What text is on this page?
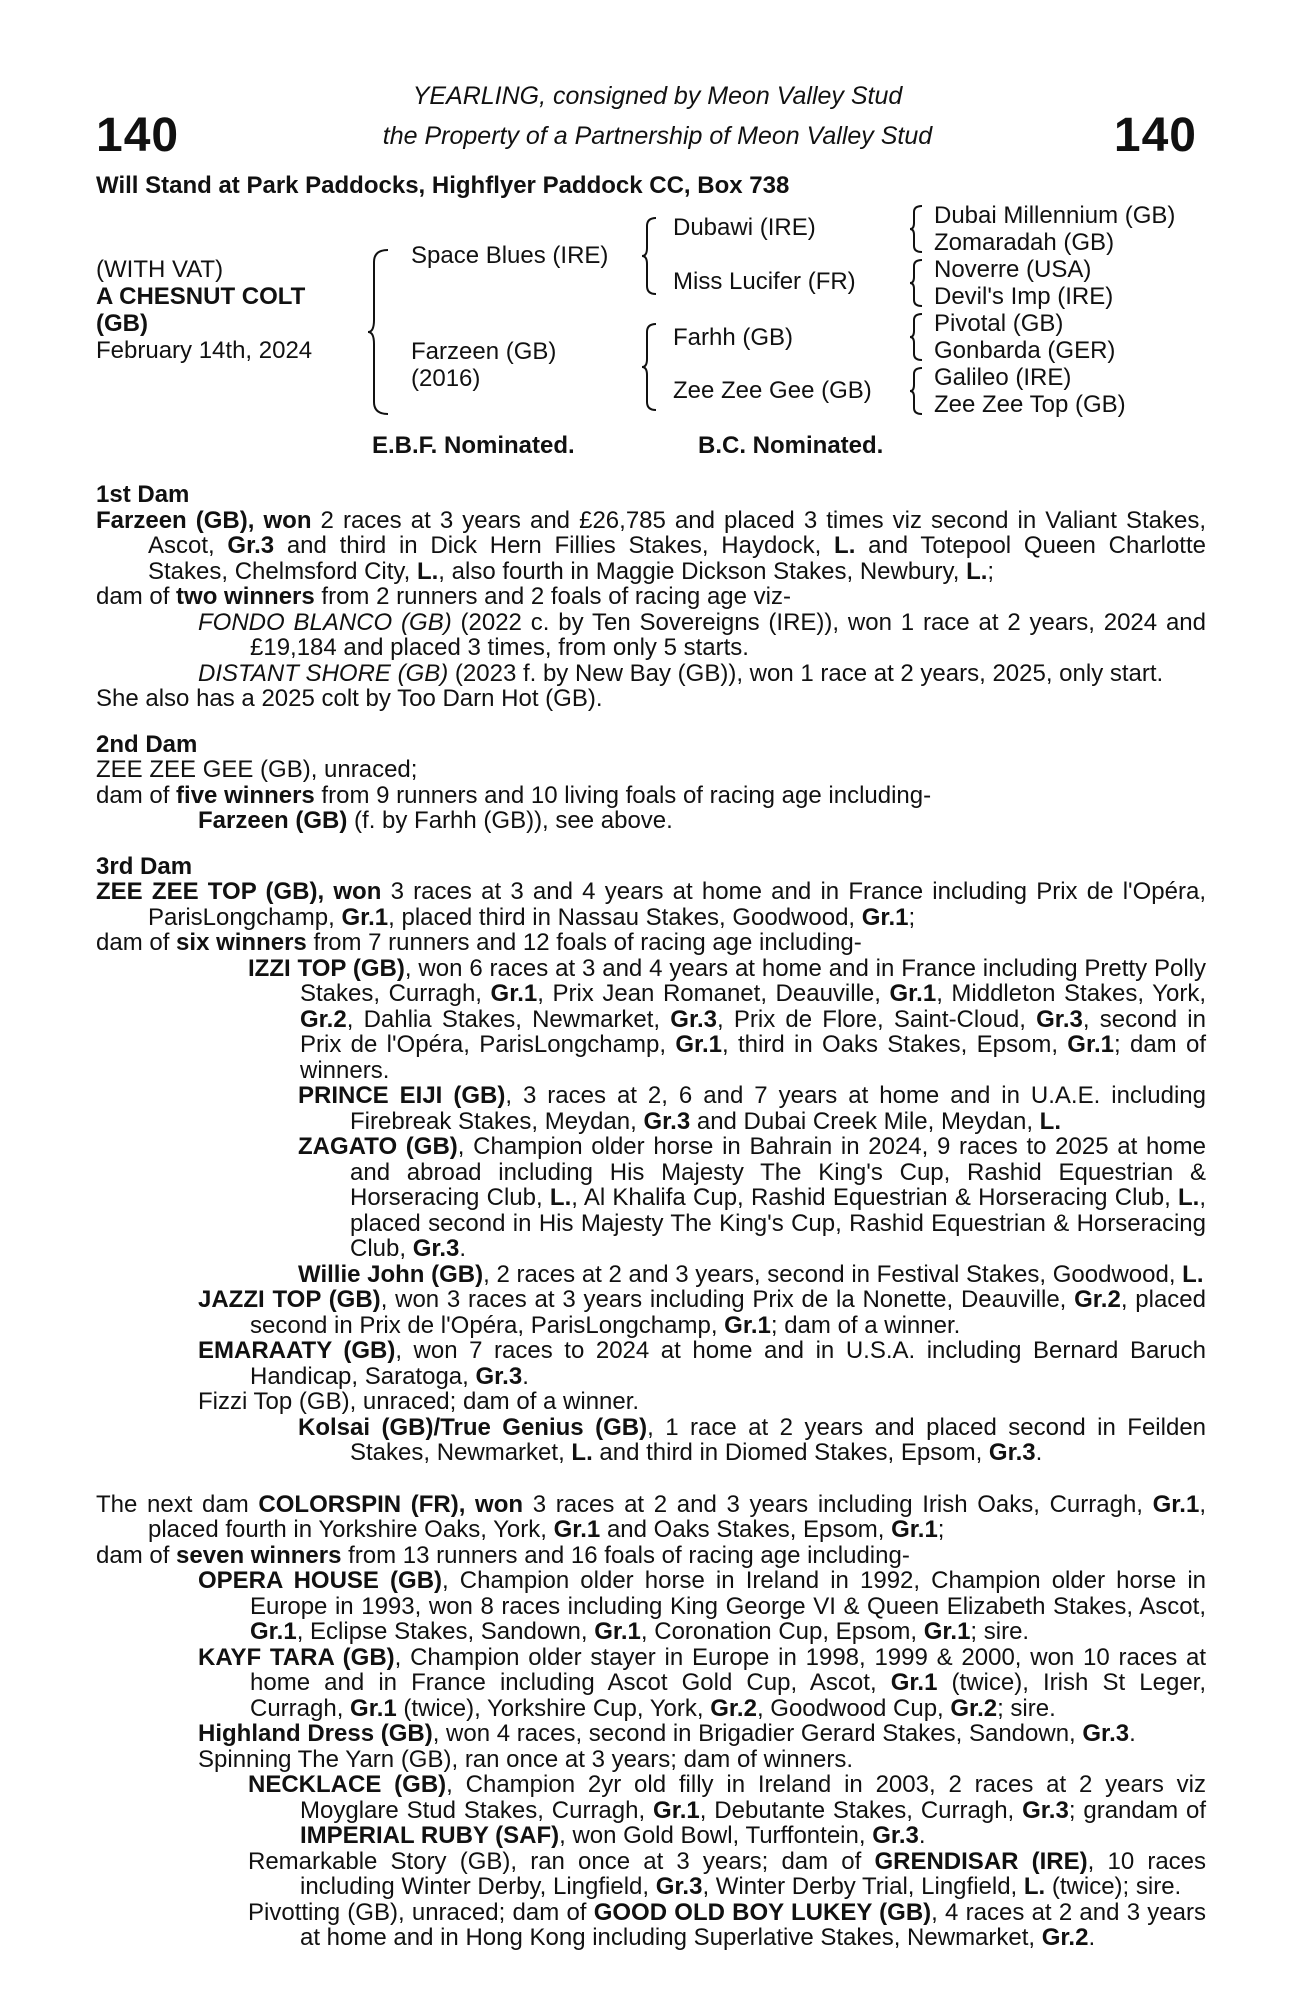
140	140
YEARLING, consigned by Meon Valley Stud
the Property of a Partnership of Meon Valley Stud
Will Stand at Park Paddocks, Highflyer Paddock CC, Box 738
(WITH VAT)
A CHESNUT COLT
(GB)
February 14th, 2024
Space Blues (IRE)
Farzeen (GB)
(2016)
Dubawi (IRE)
Miss Lucifer (FR)
Farhh (GB)
Zee Zee Gee (GB)
Dubai Millennium (GB)
Zomaradah (GB)
Noverre (USA)
Devil's Imp (IRE)
Pivotal (GB)
Gonbarda (GER)
Galileo (IRE)
Zee Zee Top (GB)
E.B.F. Nominated.	B.C. Nominated.
1st Dam
Farzeen (GB), won 2 races at 3 years and £26,785 and placed 3 times viz second in Valiant Stakes, Ascot, Gr.3 and third in Dick Hern Fillies Stakes, Haydock, L. and Totepool Queen Charlotte Stakes, Chelmsford City, L., also fourth in Maggie Dickson Stakes, Newbury, L.;
dam of two winners from 2 runners and 2 foals of racing age viz-
FONDO BLANCO (GB) (2022 c. by Ten Sovereigns (IRE)), won 1 race at 2 years, 2024 and £19,184 and placed 3 times, from only 5 starts.
DISTANT SHORE (GB) (2023 f. by New Bay (GB)), won 1 race at 2 years, 2025, only start.
She also has a 2025 colt by Too Darn Hot (GB).
2nd Dam
ZEE ZEE GEE (GB), unraced;
dam of five winners from 9 runners and 10 living foals of racing age including-
Farzeen (GB) (f. by Farhh (GB)), see above.
3rd Dam
ZEE ZEE TOP (GB), won 3 races at 3 and 4 years at home and in France including Prix de l'Opéra, ParisLongchamp, Gr.1, placed third in Nassau Stakes, Goodwood, Gr.1;
dam of six winners from 7 runners and 12 foals of racing age including-
IZZI TOP (GB), won 6 races at 3 and 4 years at home and in France including Pretty Polly Stakes, Curragh, Gr.1, Prix Jean Romanet, Deauville, Gr.1, Middleton Stakes, York, Gr.2, Dahlia Stakes, Newmarket, Gr.3, Prix de Flore, Saint-Cloud, Gr.3, second in Prix de l'Opéra, ParisLongchamp, Gr.1, third in Oaks Stakes, Epsom, Gr.1; dam of winners.
PRINCE EIJI (GB), 3 races at 2, 6 and 7 years at home and in U.A.E. including Firebreak Stakes, Meydan, Gr.3 and Dubai Creek Mile, Meydan, L.
ZAGATO (GB), Champion older horse in Bahrain in 2024, 9 races to 2025 at home and abroad including His Majesty The King's Cup, Rashid Equestrian & Horseracing Club, L., Al Khalifa Cup, Rashid Equestrian & Horseracing Club, L., placed second in His Majesty The King's Cup, Rashid Equestrian & Horseracing Club, Gr.3.
Willie John (GB), 2 races at 2 and 3 years, second in Festival Stakes, Goodwood, L.
JAZZI TOP (GB), won 3 races at 3 years including Prix de la Nonette, Deauville, Gr.2, placed second in Prix de l'Opéra, ParisLongchamp, Gr.1; dam of a winner.
EMARAATY (GB), won 7 races to 2024 at home and in U.S.A. including Bernard Baruch Handicap, Saratoga, Gr.3.
Fizzi Top (GB), unraced; dam of a winner.
Kolsai (GB)/True Genius (GB), 1 race at 2 years and placed second in Feilden Stakes, Newmarket, L. and third in Diomed Stakes, Epsom, Gr.3.
The next dam COLORSPIN (FR), won 3 races at 2 and 3 years including Irish Oaks, Curragh, Gr.1, placed fourth in Yorkshire Oaks, York, Gr.1 and Oaks Stakes, Epsom, Gr.1;
dam of seven winners from 13 runners and 16 foals of racing age including-
OPERA HOUSE (GB), Champion older horse in Ireland in 1992, Champion older horse in Europe in 1993, won 8 races including King George VI & Queen Elizabeth Stakes, Ascot, Gr.1, Eclipse Stakes, Sandown, Gr.1, Coronation Cup, Epsom, Gr.1; sire.
KAYF TARA (GB), Champion older stayer in Europe in 1998, 1999 & 2000, won 10 races at home and in France including Ascot Gold Cup, Ascot, Gr.1 (twice), Irish St Leger, Curragh, Gr.1 (twice), Yorkshire Cup, York, Gr.2, Goodwood Cup, Gr.2; sire.
Highland Dress (GB), won 4 races, second in Brigadier Gerard Stakes, Sandown, Gr.3.
Spinning The Yarn (GB), ran once at 3 years; dam of winners.
NECKLACE (GB), Champion 2yr old filly in Ireland in 2003, 2 races at 2 years viz Moyglare Stud Stakes, Curragh, Gr.1, Debutante Stakes, Curragh, Gr.3; grandam of IMPERIAL RUBY (SAF), won Gold Bowl, Turffontein, Gr.3.
Remarkable Story (GB), ran once at 3 years; dam of GRENDISAR (IRE), 10 races including Winter Derby, Lingfield, Gr.3, Winter Derby Trial, Lingfield, L. (twice); sire.
Pivotting (GB), unraced; dam of GOOD OLD BOY LUKEY (GB), 4 races at 2 and 3 years at home and in Hong Kong including Superlative Stakes, Newmarket, Gr.2.
